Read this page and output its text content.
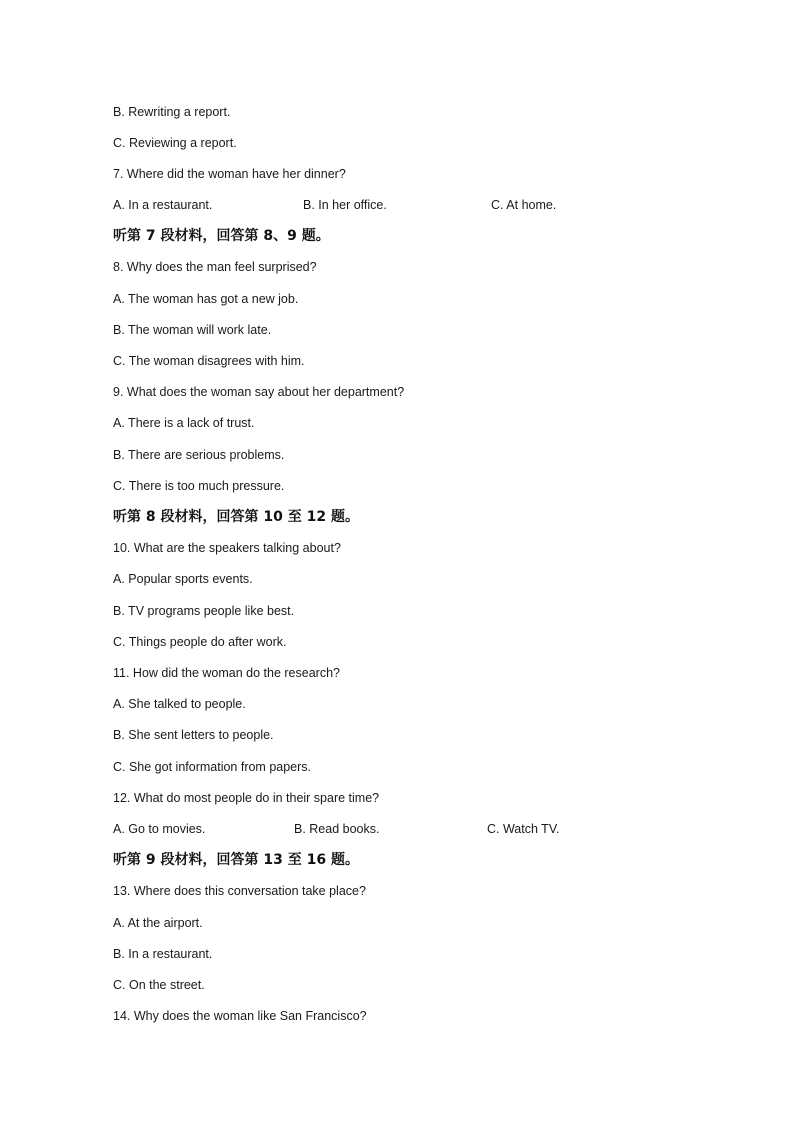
B. Rewriting a report.
C. Reviewing a report.
7. Where did the woman have her dinner?
A. In a restaurant.	B. In her office.	C. At home.
听第 7 段材料，回答第 8、9 题。
8. Why does the man feel surprised?
A. The woman has got a new job.
B. The woman will work late.
C. The woman disagrees with him.
9. What does the woman say about her department?
A. There is a lack of trust.
B. There are serious problems.
C. There is too much pressure.
听第 8 段材料，回答第 10 至 12 题。
10. What are the speakers talking about?
A. Popular sports events.
B. TV programs people like best.
C. Things people do after work.
11. How did the woman do the research?
A. She talked to people.
B. She sent letters to people.
C. She got information from papers.
12. What do most people do in their spare time?
A. Go to movies.	B. Read books.	C. Watch TV.
听第 9 段材料，回答第 13 至 16 题。
13. Where does this conversation take place?
A. At the airport.
B. In a restaurant.
C. On the street.
14. Why does the woman like San Francisco?
